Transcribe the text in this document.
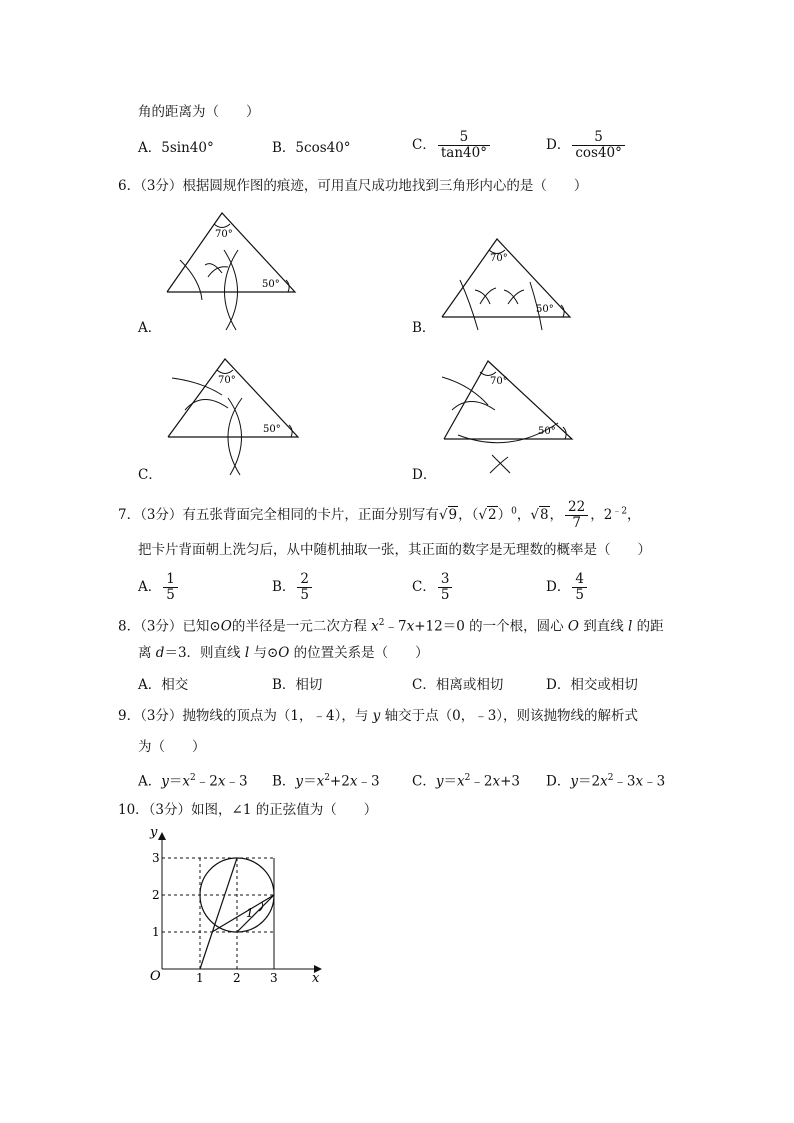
角的距离为（　　）
A．5sin40°	B．5cos40°	C． $\frac{5}{\tan 40^\circ}$	D． $\frac{5}{\cos 40^\circ}$
6．（3分）根据圆规作图的痕迹，可用直尺成功地找到三角形内心的是（　　）
70°
50°
A．
70°
50°
B．
70°
50°
C．
70°
50°
D．
7．（3分）有五张背面完全相同的卡片，正面分别写有√9，$(√2)^0$，√8， $\frac{22}{7}$ ，$2^{﹣2}$，
把卡片背面朝上洗匀后，从中随机抽取一张，其正面的数字是无理数的概率是（　　）
A． $\frac{1}{5}$	B． $\frac{2}{5}$	C． $\frac{3}{5}$	D． $\frac{4}{5}$
8．（3分）已知⊙O的半径是一元二次方程 $x^2﹣7x+12=0$ 的一个根，圆心 O 到直线 l 的距
离 d＝3．则直线 l 与⊙O 的位置关系是（　　）
A．相交	B．相切	C．相离或相切	D．相交或相切
9．（3分）抛物线的顶点为（1，﹣4），与 y 轴交于点（0，﹣3），则该抛物线的解析式
为（　　）
A．$y=x^2﹣2x﹣3$ B．$y=x^2+2x﹣3$ C．$y=x^2﹣2x+3$ D．$y=2x^2﹣3x﹣3$
10．（3分）如图，∠1 的正弦值为（　　）
1
y
x
O	1 2 3
1
2
3
